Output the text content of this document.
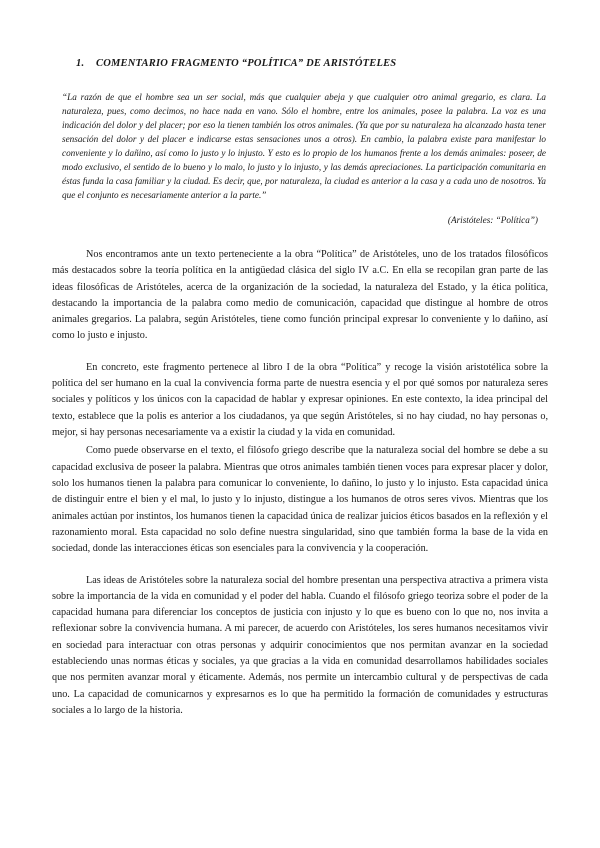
1. COMENTARIO FRAGMENTO “POLÍTICA” DE ARISTÓTELES

“La razón de que el hombre sea un ser social, más que cualquier abeja y que cualquier otro animal gregario, es clara. La naturaleza, pues, como decimos, no hace nada en vano. Sólo el hombre, entre los animales, posee la palabra. La voz es una indicación del dolor y del placer; por eso la tienen también los otros animales. (Ya que por su naturaleza ha alcanzado hasta tener sensación del dolor y del placer e indicarse estas sensaciones unos a otros). En cambio, la palabra existe para manifestar lo conveniente y lo dañino, así como lo justo y lo injusto. Y esto es lo propio de los humanos frente a los demás animales: poseer, de modo exclusivo, el sentido de lo bueno y lo malo, lo justo y lo injusto, y las demás apreciaciones. La participación comunitaria en éstas funda la casa familiar y la ciudad. Es decir, que, por naturaleza, la ciudad es anterior a la casa y a cada uno de nosotros. Ya que el conjunto es necesariamente anterior a la parte.”

(Aristóteles: “Política”)

Nos encontramos ante un texto perteneciente a la obra “Política” de Aristóteles, uno de los tratados filosóficos más destacados sobre la teoría política en la antigüedad clásica del siglo IV a.C. En ella se recopilan gran parte de las ideas filosóficas de Aristóteles, acerca de la organización de la sociedad, la naturaleza del Estado, y la ética política, destacando la importancia de la palabra como medio de comunicación, capacidad que distingue al hombre de otros animales gregarios. La palabra, según Aristóteles, tiene como función principal expresar lo conveniente y lo dañino, así como lo justo e injusto.

En concreto, este fragmento pertenece al libro I de la obra “Política” y recoge la visión aristotélica sobre la política del ser humano en la cual la convivencia forma parte de nuestra esencia y el por qué somos por naturaleza seres sociales y políticos y los únicos con la capacidad de hablar y expresar opiniones. En este contexto, la idea principal del texto, establece que la polis es anterior a los ciudadanos, ya que según Aristóteles, si no hay ciudad, no hay personas o, mejor, si hay personas necesariamente va a existir la ciudad y la vida en comunidad.

Como puede observarse en el texto, el filósofo griego describe que la naturaleza social del hombre se debe a su capacidad exclusiva de poseer la palabra. Mientras que otros animales también tienen voces para expresar placer y dolor, solo los humanos tienen la palabra para comunicar lo conveniente, lo dañino, lo justo y lo injusto. Esta capacidad única de distinguir entre el bien y el mal, lo justo y lo injusto, distingue a los humanos de otros seres vivos. Mientras que los animales actúan por instintos, los humanos tienen la capacidad única de realizar juicios éticos basados en la reflexión y el razonamiento moral. Esta capacidad no solo define nuestra singularidad, sino que también forma la base de la vida en sociedad, donde las interacciones éticas son esenciales para la convivencia y la cooperación.

Las ideas de Aristóteles sobre la naturaleza social del hombre presentan una perspectiva atractiva a primera vista sobre la importancia de la vida en comunidad y el poder del habla. Cuando el filósofo griego teoriza sobre el poder de la capacidad humana para diferenciar los conceptos de justicia con injusto y lo que es bueno con lo que no, nos invita a reflexionar sobre la convivencia humana. A mi parecer, de acuerdo con Aristóteles, los seres humanos necesitamos vivir en sociedad para interactuar con otras personas y adquirir conocimientos que nos permitan avanzar en la sociedad estableciendo unas normas éticas y sociales, ya que gracias a la vida en comunidad desarrollamos habilidades sociales que nos permiten avanzar moral y éticamente. Además, nos permite un intercambio cultural y de perspectivas de cada uno. La capacidad de comunicarnos y expresarnos es lo que ha permitido la formación de comunidades y estructuras sociales a lo largo de la historia.
